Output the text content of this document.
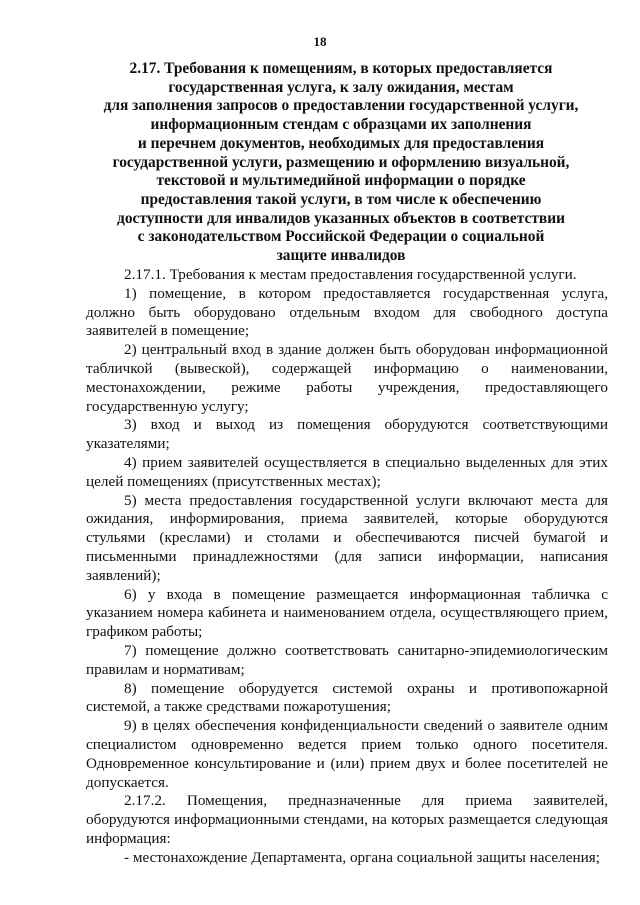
18
2.17. Требования к помещениям, в которых предоставляется
государственная услуга, к залу ожидания, местам
для заполнения запросов о предоставлении государственной услуги,
информационным стендам с образцами их заполнения
и перечнем документов, необходимых для предоставления
государственной услуги, размещению и оформлению визуальной,
текстовой и мультимедийной информации о порядке
предоставления такой услуги, в том числе к обеспечению
доступности для инвалидов указанных объектов в соответствии
с законодательством Российской Федерации о социальной
защите инвалидов

2.17.1. Требования к местам предоставления государственной услуги.

1) помещение, в котором предоставляется государственная услуга, должно быть оборудовано отдельным входом для свободного доступа заявителей в помещение;

2) центральный вход в здание должен быть оборудован информационной табличкой (вывеской), содержащей информацию о наименовании, местонахождении, режиме работы учреждения, предоставляющего государственную услугу;

3) вход и выход из помещения оборудуются соответствующими указателями;

4) прием заявителей осуществляется в специально выделенных для этих целей помещениях (присутственных местах);

5) места предоставления государственной услуги включают места для ожидания, информирования, приема заявителей, которые оборудуются стульями (креслами) и столами и обеспечиваются писчей бумагой и письменными принадлежностями (для записи информации, написания заявлений);

6) у входа в помещение размещается информационная табличка с указанием номера кабинета и наименованием отдела, осуществляющего прием, графиком работы;

7) помещение должно соответствовать санитарно-эпидемиологическим правилам и нормативам;

8) помещение оборудуется системой охраны и противопожарной системой, а также средствами пожаротушения;

9) в целях обеспечения конфиденциальности сведений о заявителе одним специалистом одновременно ведется прием только одного посетителя. Одновременное консультирование и (или) прием двух и более посетителей не допускается.

2.17.2. Помещения, предназначенные для приема заявителей, оборудуются информационными стендами, на которых размещается следующая информация:

- местонахождение Департамента, органа социальной защиты населения;
